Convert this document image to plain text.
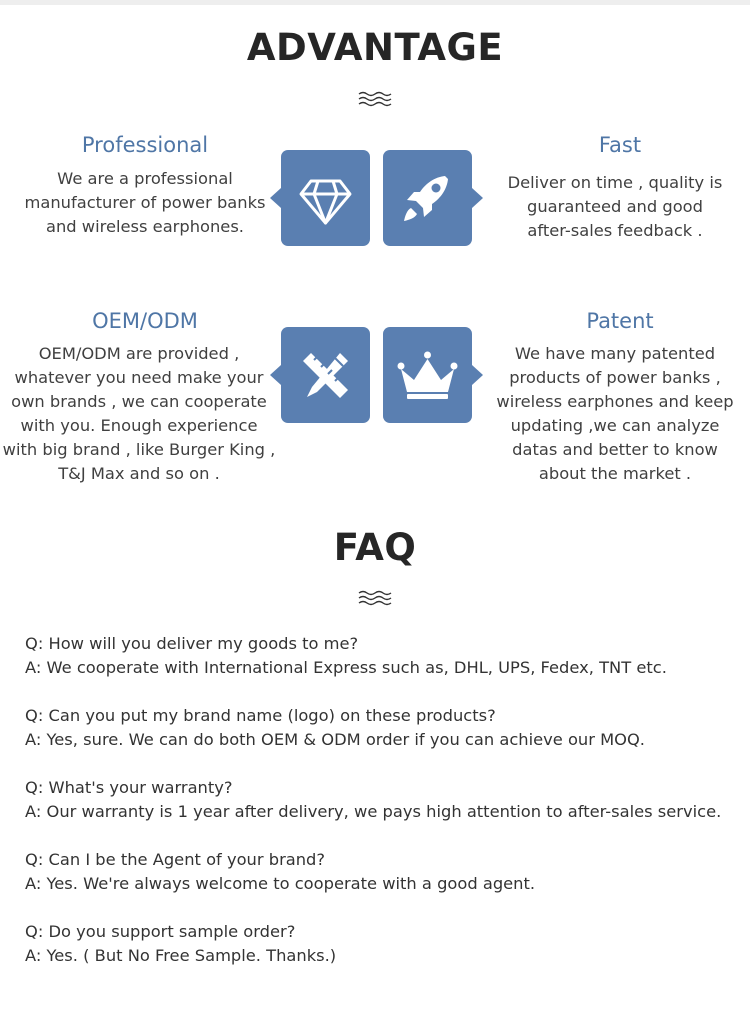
ADVANTAGE
Professional
We are a professional
manufacturer of power banks
and wireless earphones.
Fast
Deliver on time , quality is
guaranteed and good
after-sales feedback .
OEM/ODM
OEM/ODM are provided ,
whatever you need make your
own brands , we can cooperate
with you. Enough experience
with big brand , like Burger King ,
T&J Max and so on .
Patent
We have many patented
products of power banks ,
wireless earphones and keep
updating ,we can analyze
datas and better to know
about the market .
FAQ
Q: How will you deliver my goods to me?
A: We cooperate with International Express such as, DHL, UPS, Fedex, TNT etc.
Q: Can you put my brand name (logo) on these products?
A: Yes, sure. We can do both OEM & ODM order if you can achieve our MOQ.
Q: What's your warranty?
A: Our warranty is 1 year after delivery, we pays high attention to after-sales service.
Q: Can I be the Agent of your brand?
A: Yes. We're always welcome to cooperate with a good agent.
Q: Do you support sample order?
A: Yes. ( But No Free Sample. Thanks.)
